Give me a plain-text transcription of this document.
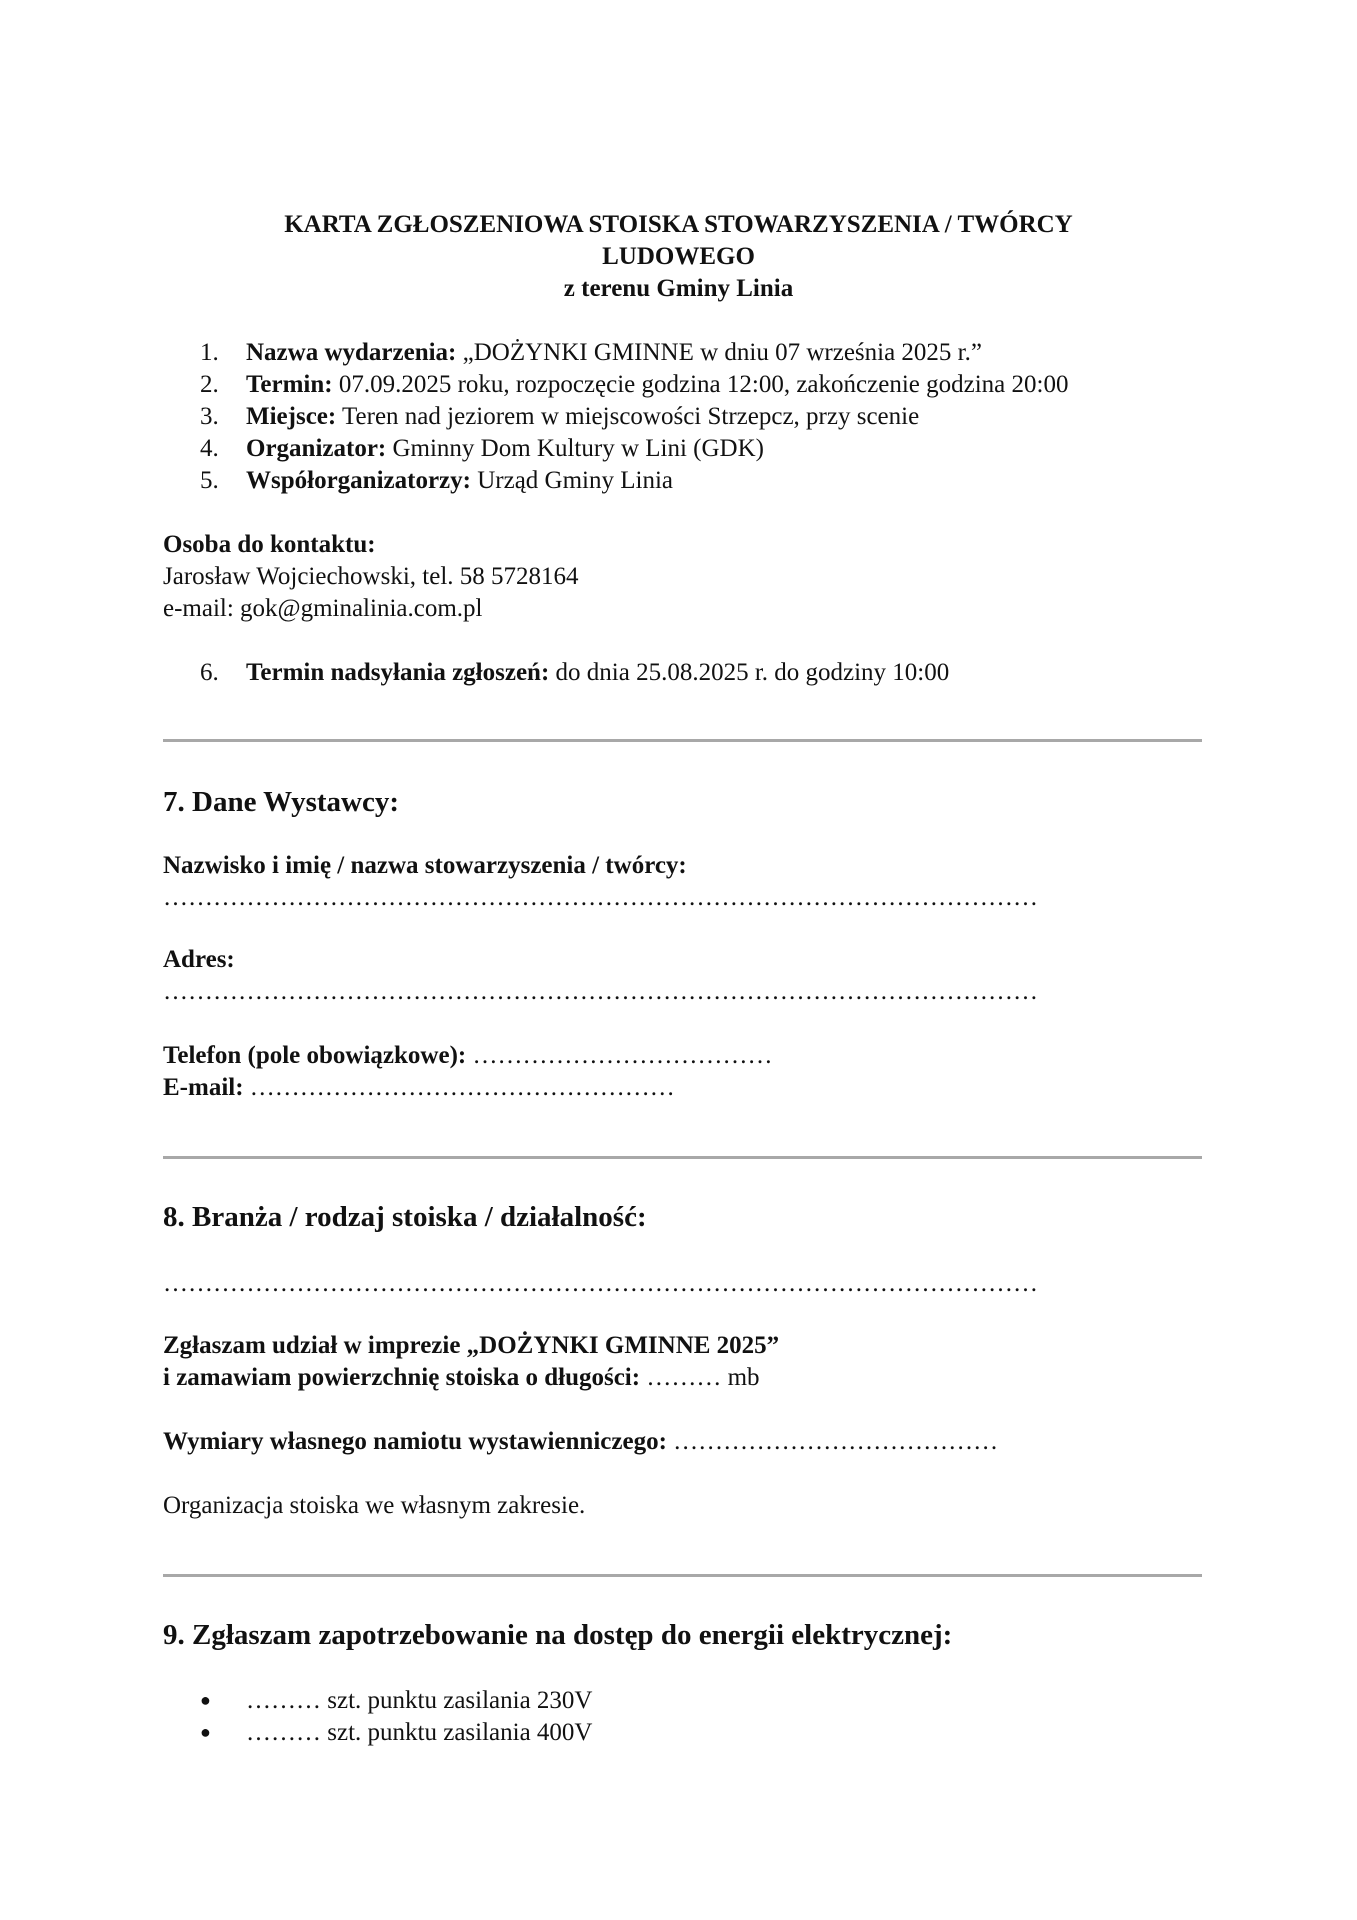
KARTA ZGŁOSZENIOWA STOISKA STOWARZYSZENIA / TWÓRCY
LUDOWEGO
z terenu Gminy Linia
1. Nazwa wydarzenia: „DOŻYNKI GMINNE w dniu 07 września 2025 r.”
2. Termin: 07.09.2025 roku, rozpoczęcie godzina 12:00, zakończenie godzina 20:00
3. Miejsce: Teren nad jeziorem w miejscowości Strzepcz, przy scenie
4. Organizator: Gminny Dom Kultury w Lini (GDK)
5. Współorganizatorzy: Urząd Gminy Linia
Osoba do kontaktu:
Jarosław Wojciechowski, tel. 58 5728164
e-mail: gok@gminalinia.com.pl
6. Termin nadsyłania zgłoszeń: do dnia 25.08.2025 r. do godziny 10:00
7. Dane Wystawcy:
Nazwisko i imię / nazwa stowarzyszenia / twórcy:
……………………………………………………………………………………………
Adres:
……………………………………………………………………………………………
Telefon (pole obowiązkowe): ………………………………
E-mail: ……………………………………………
8. Branża / rodzaj stoiska / działalność:
……………………………………………………………………………………………
Zgłaszam udział w imprezie „DOŻYNKI GMINNE 2025”
i zamawiam powierzchnię stoiska o długości: ……… mb
Wymiary własnego namiotu wystawienniczego: …………………………………
Organizacja stoiska we własnym zakresie.
9. Zgłaszam zapotrzebowanie na dostęp do energii elektrycznej:
● ……… szt. punktu zasilania 230V
● ……… szt. punktu zasilania 400V
